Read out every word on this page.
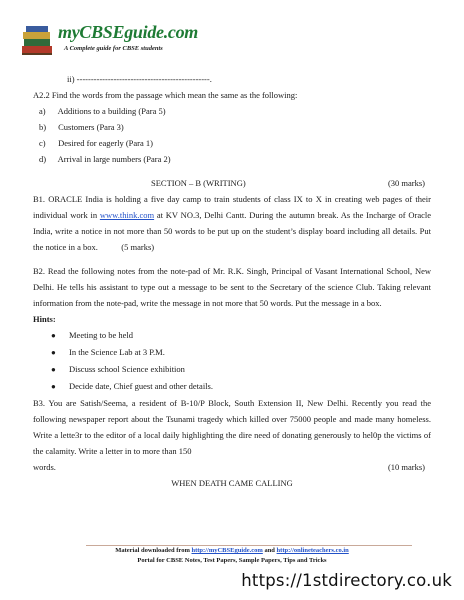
myCBSEguide.com
A Complete guide for CBSE students
ii) -----------------------------------------------.
A2.2 Find the words from the passage which mean the same as the following:
a) Additions to a building (Para 5)
b) Customers (Para 3)
c) Desired for eagerly (Para 1)
d) Arrival in large numbers (Para 2)
SECTION – B (WRITING)	(30 marks)
B1. ORACLE India is holding a five day camp to train students of class IX to X in creating web pages of their individual work in www.think.com at KV NO.3, Delhi Cantt. During the autumn break. As the Incharge of Oracle India, write a notice in not more than 50 words to be put up on the student’s display board including all details. Put the notice in a box.	(5 marks)
B2. Read the following notes from the note-pad of Mr. R.K. Singh, Principal of Vasant International School, New Delhi. He tells his assistant to type out a message to be sent to the Secretary of the science Club. Taking relevant information from the note-pad, write the message in not more that 50 words. Put the message in a box.
Hints:
● Meeting to be held
● In the Science Lab at 3 P.M.
● Discuss school Science exhibition
● Decide date, Chief guest and other details.
B3. You are Satish/Seema, a resident of B-10/P Block, South Extension II, New Delhi. Recently you read the following newspaper report about the Tsunami tragedy which killed over 75000 people and made many homeless. Write a lette3r to the editor of a local daily highlighting the dire need of donating generously to hel0p the victims of the calamity. Write a letter in to more than 150
words.	(10 marks)
WHEN DEATH CAME CALLING
Material downloaded from http://myCBSEguide.com and http://onlineteachers.co.in
Portal for CBSE Notes, Test Papers, Sample Papers, Tips and Tricks
https://1stdirectory.co.uk
